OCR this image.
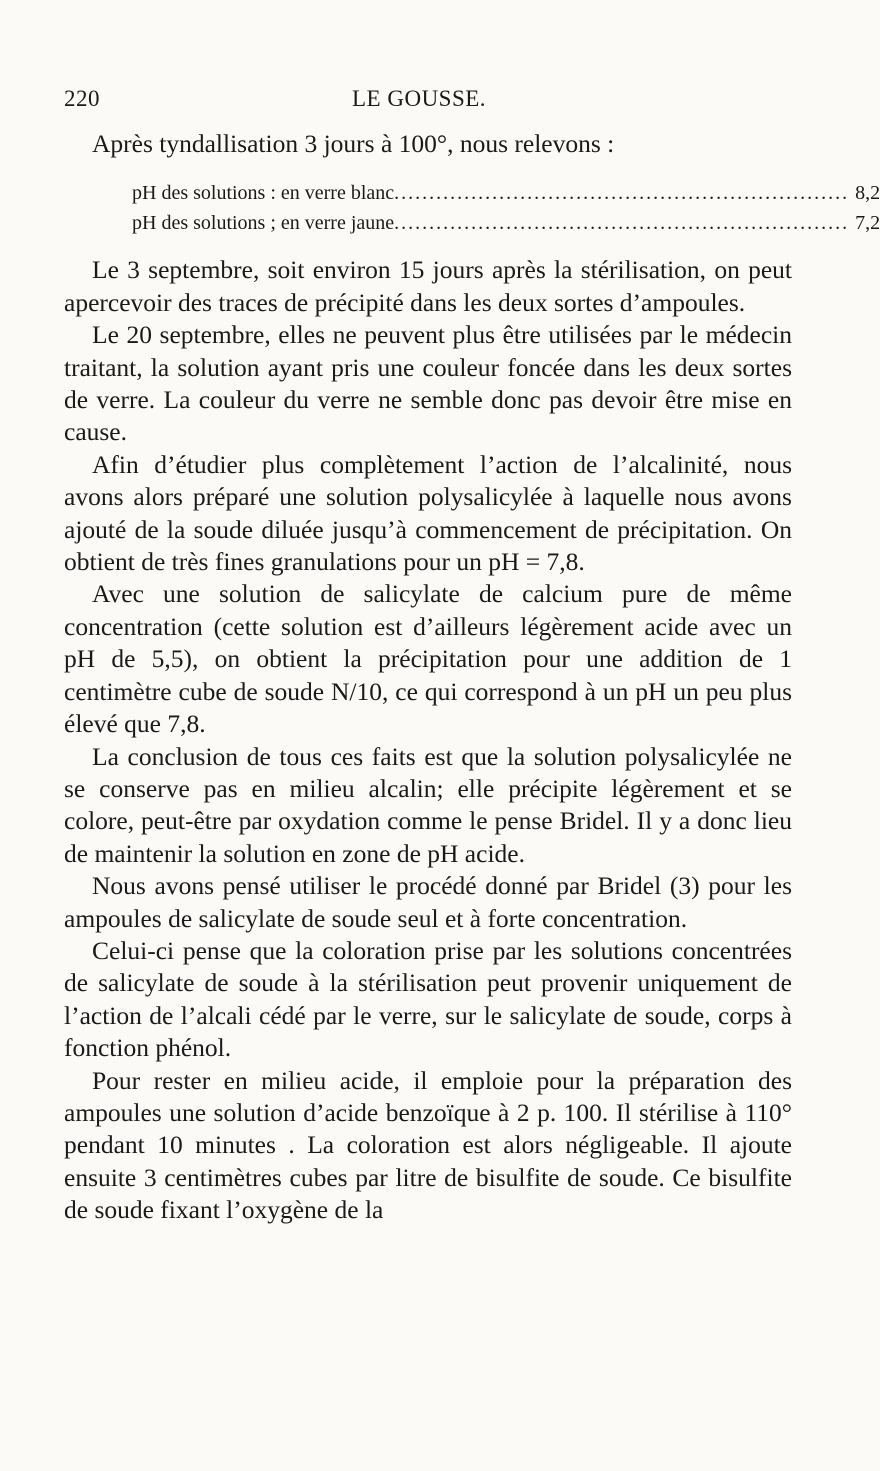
220	LE GOUSSE.

Après tyndallisation 3 jours à 100°, nous relevons :

pH des solutions : en verre blanc ................................................................. 8,2
pH des solutions ; en verre jaune ................................................................. 7,2

Le 3 septembre, soit environ 15 jours après la stérilisation, on peut apercevoir des traces de précipité dans les deux sortes d’ampoules.

Le 20 septembre, elles ne peuvent plus être utilisées par le médecin traitant, la solution ayant pris une couleur foncée dans les deux sortes de verre. La couleur du verre ne semble donc pas devoir être mise en cause.

Afin d’étudier plus complètement l’action de l’alcalinité, nous avons alors préparé une solution polysalicylée à laquelle nous avons ajouté de la soude diluée jusqu’à commencement de précipitation. On obtient de très fines granulations pour un pH = 7,8.

Avec une solution de salicylate de calcium pure de même concentration (cette solution est d’ailleurs légèrement acide avec un pH de 5,5), on obtient la précipitation pour une addition de 1 centimètre cube de soude N/10, ce qui correspond à un pH un peu plus élevé que 7,8.

La conclusion de tous ces faits est que la solution polysalicylée ne se conserve pas en milieu alcalin; elle précipite légèrement et se colore, peut-être par oxydation comme le pense Bridel. Il y a donc lieu de maintenir la solution en zone de pH acide.

Nous avons pensé utiliser le procédé donné par Bridel (3) pour les ampoules de salicylate de soude seul et à forte concentration.

Celui-ci pense que la coloration prise par les solutions concentrées de salicylate de soude à la stérilisation peut provenir uniquement de l’action de l’alcali cédé par le verre, sur le salicylate de soude, corps à fonction phénol.

Pour rester en milieu acide, il emploie pour la préparation des ampoules une solution d’acide benzoïque à 2 p. 100. Il stérilise à 110° pendant 10 minutes . La coloration est alors négligeable. Il ajoute ensuite 3 centimètres cubes par litre de bisulfite de soude. Ce bisulfite de soude fixant l’oxygène de la
